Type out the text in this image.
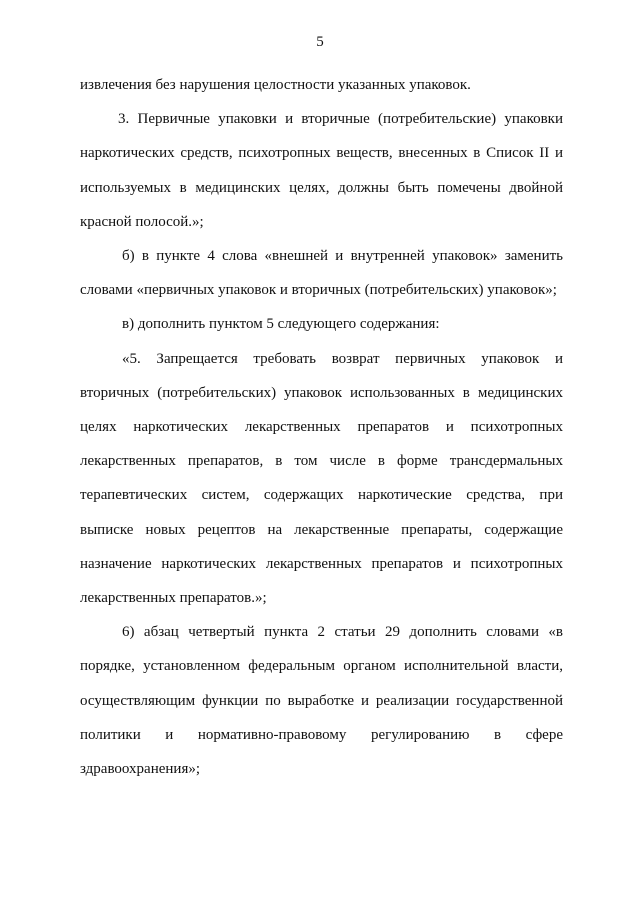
5
извлечения без нарушения целостности указанных упаковок.
3. Первичные упаковки и вторичные (потребительские) упаковки
наркотических средств, психотропных веществ, внесенных в Список II и
используемых в медицинских целях, должны быть помечены двойной
красной полосой.»;
б) в пункте 4 слова «внешней и внутренней упаковок» заменить
словами «первичных упаковок и вторичных (потребительских) упаковок»;
в) дополнить пунктом 5 следующего содержания:
«5. Запрещается требовать возврат первичных упаковок и
вторичных (потребительских) упаковок использованных в медицинских
целях наркотических лекарственных препаратов и психотропных
лекарственных препаратов, в том числе в форме трансдермальных
терапевтических систем, содержащих наркотические средства, при
выписке новых рецептов на лекарственные препараты, содержащие
назначение наркотических лекарственных препаратов и психотропных
лекарственных препаратов.»;
6) абзац четвертый пункта 2 статьи 29 дополнить словами «в
порядке, установленном федеральным органом исполнительной власти,
осуществляющим функции по выработке и реализации государственной
политики и нормативно-правовому регулированию в сфере
здравоохранения»;
